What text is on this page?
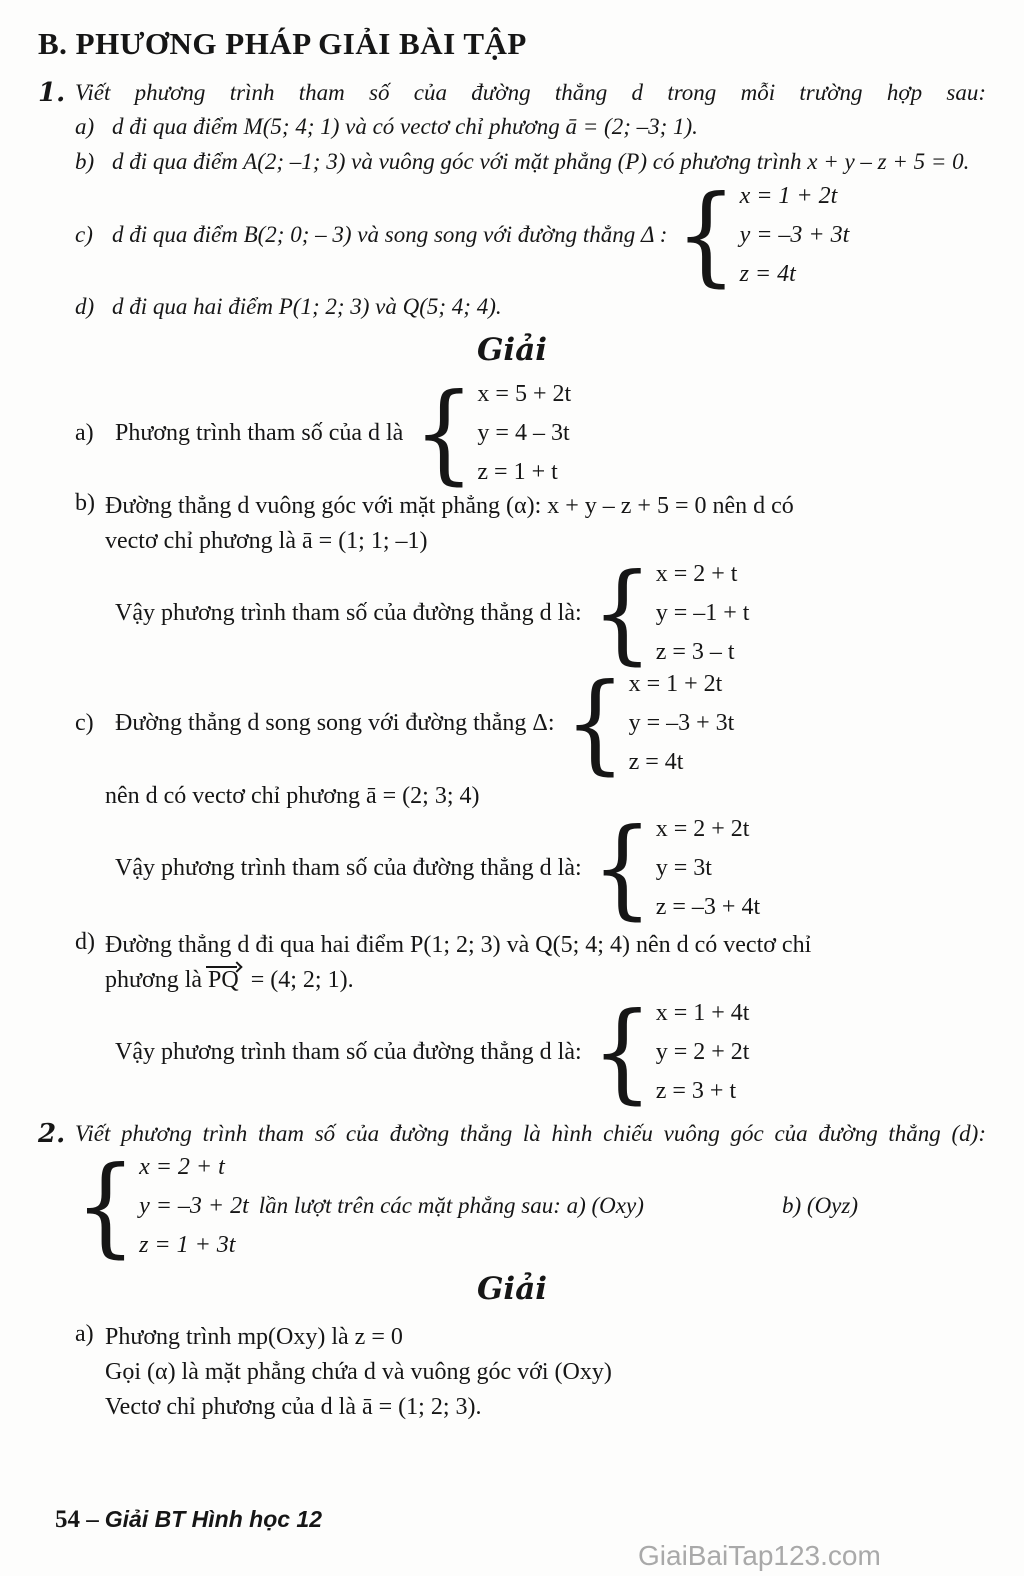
B. PHƯƠNG PHÁP GIẢI BÀI TẬP
1. Viết phương trình tham số của đường thẳng d trong mỗi trường hợp sau:
a) d đi qua điểm M(5; 4; 1) và có vectơ chỉ phương ā = (2; –3; 1).
b) d đi qua điểm A(2; –1; 3) và vuông góc với mặt phẳng (P) có phương trình x + y – z + 5 = 0.
c) d đi qua điểm B(2; 0; – 3) và song song với đường thẳng Δ : { x = 1 + 2t
y = –3 + 3t
z = 4t
d) d đi qua hai điểm P(1; 2; 3) và Q(5; 4; 4).
Giải
a) Phương trình tham số của d là { x = 5 + 2t
y = 4 – 3t
z = 1 + t
b) Đường thẳng d vuông góc với mặt phẳng (α): x + y – z + 5 = 0 nên d có
vectơ chỉ phương là ā = (1; 1; –1)
Vậy phương trình tham số của đường thẳng d là: { x = 2 + t
y = –1 + t
z = 3 – t
c) Đường thẳng d song song với đường thẳng Δ: { x = 1 + 2t
y = –3 + 3t
z = 4t
nên d có vectơ chỉ phương ā = (2; 3; 4)
Vậy phương trình tham số của đường thẳng d là: { x = 2 + 2t
y = 3t
z = –3 + 4t
d) Đường thẳng d đi qua hai điểm P(1; 2; 3) và Q(5; 4; 4) nên d có vectơ chỉ
phương là PQ = (4; 2; 1).
Vậy phương trình tham số của đường thẳng d là: { x = 1 + 4t
y = 2 + 2t
z = 3 + t
2. Viết phương trình tham số của đường thẳng là hình chiếu vuông góc của đường thẳng (d):
{ x = 2 + t
y = –3 + 2t
z = 1 + 3t
lần lượt trên các mặt phẳng sau: a) (Oxy)	b) (Oyz)
Giải
a) Phương trình mp(Oxy) là z = 0
Gọi (α) là mặt phẳng chứa d và vuông góc với (Oxy)
Vectơ chỉ phương của d là ā = (1; 2; 3).
54 – Giải BT Hình học 12
GiaiBaiTap123.com
